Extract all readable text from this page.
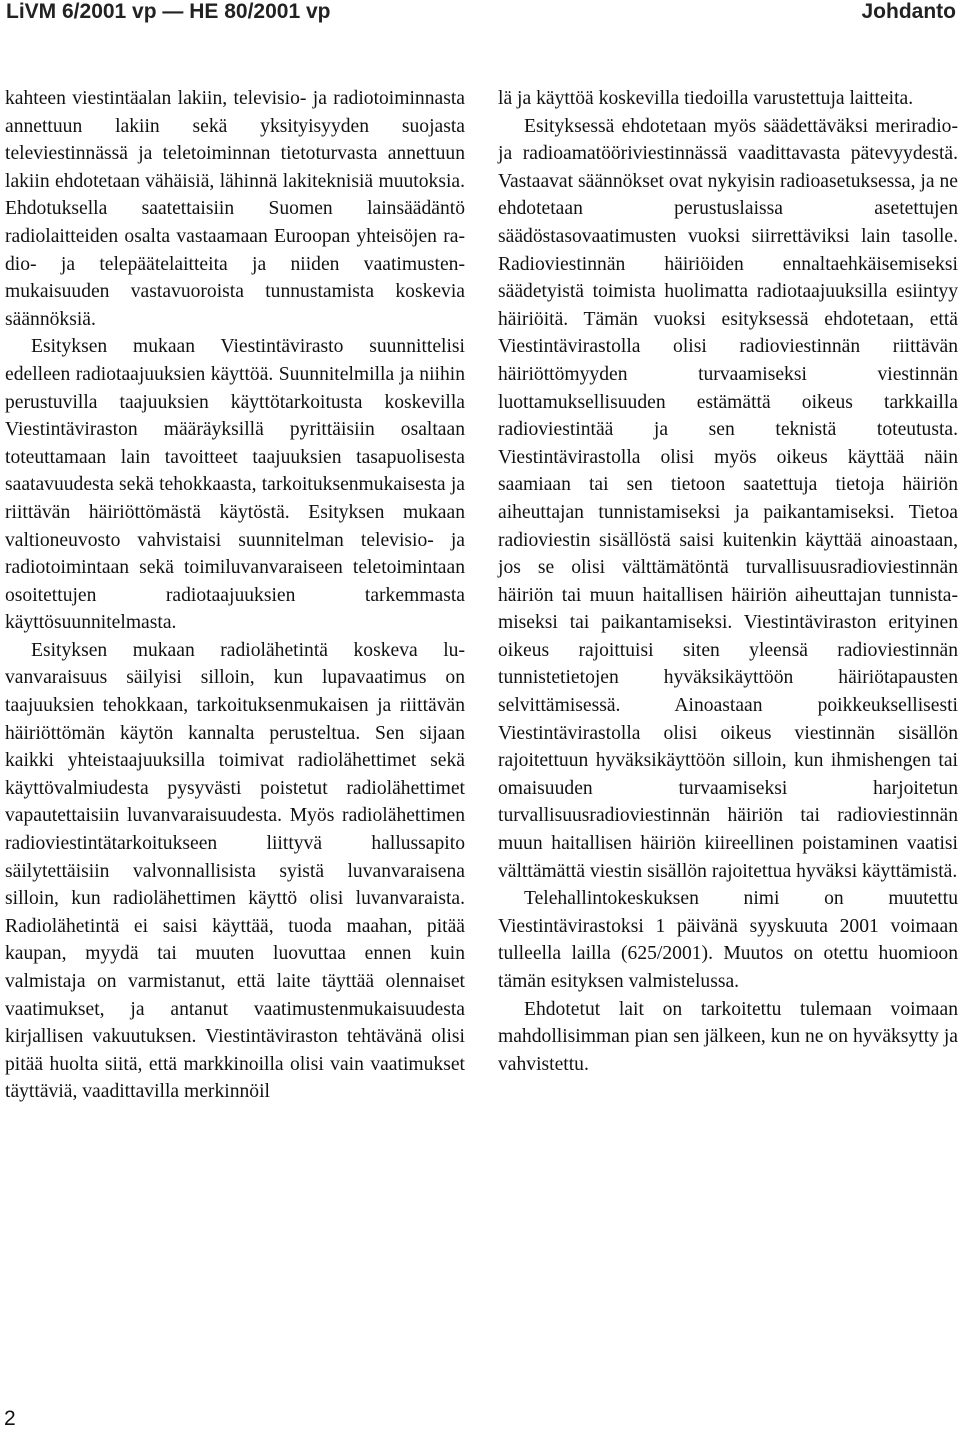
LiVM 6/2001 vp — HE 80/2001 vp	Johdanto

kahteen viestintäalan lakiin, televisio- ja radiotoiminnasta annettuun lakiin sekä yksityisyyden suojasta televiestinnässä ja teletoiminnan tietoturvasta annettuun lakiin ehdotetaan vähäisiä, lähinnä lakiteknisiä muutoksia. Ehdotuksella saatettaisiin Suomen lainsäädäntö radiolaitteiden osalta vastaamaan Euroopan yhteisöjen radio- ja telepäätelaitteita ja niiden vaatimustenmukaisuuden vastavuoroista tunnustamista koskevia säännöksiä.

Esityksen mukaan Viestintävirasto suunnittelisi edelleen radiotaajuuksien käyttöä. Suunnitelmilla ja niihin perustuvilla taajuuksien käyttötarkoitusta koskevilla Viestintäviraston määräyksillä pyrittäisiin osaltaan toteuttamaan lain tavoitteet taajuuksien tasapuolisesta saatavuudesta sekä tehokkaasta, tarkoituksenmukaisesta ja riittävän häiriöttömästä käytöstä. Esityksen mukaan valtioneuvosto vahvistaisi suunnitelman televisio- ja radiotoimintaan sekä toimiluvanvaraiseen teletoimintaan osoitettujen radiotaajuuksien tarkemmasta käyttösuunnitelmasta.

Esityksen mukaan radiolähetintä koskeva luvanvaraisuus säilyisi silloin, kun lupavaatimus on taajuuksien tehokkaan, tarkoituksenmukaisen ja riittävän häiriöttömän käytön kannalta perusteltua. Sen sijaan kaikki yhteistaajuuksilla toimivat radiolähettimet sekä käyttövalmiudesta pysyvästi poistetut radiolähettimet vapautettaisiin luvanvaraisuudesta. Myös radiolähettimen radioviestintätarkoitukseen liittyvä hallussapito säilytettäisiin valvonnallisista syistä luvanvaraisena silloin, kun radiolähettimen käyttö olisi luvanvaraista. Radiolähetintä ei saisi käyttää, tuoda maahan, pitää kaupan, myydä tai muuten luovuttaa ennen kuin valmistaja on varmistanut, että laite täyttää olennaiset vaatimukset, ja antanut vaatimustenmukaisuudesta kirjallisen vakuutuksen. Viestintäviraston tehtävänä olisi pitää huolta siitä, että markkinoilla olisi vain vaatimukset täyttäviä, vaadittavilla merkinnöil

lä ja käyttöä koskevilla tiedoilla varustettuja laitteita.

Esityksessä ehdotetaan myös säädettäväksi meriradio- ja radioamatööriviestinnässä vaadittavasta pätevyydestä. Vastaavat säännökset ovat nykyisin radioasetuksessa, ja ne ehdotetaan perustuslaissa asetettujen säädöstasovaatimusten vuoksi siirrettäviksi lain tasolle. Radioviestinnän häiriöiden ennaltaehkäisemiseksi säädetyistä toimista huolimatta radiotaajuuksilla esiintyy häiriöitä. Tämän vuoksi esityksessä ehdotetaan, että Viestintävirastolla olisi radioviestinnän riittävän häiriöttömyyden turvaamiseksi viestinnän luottamuksellisuuden estämättä oikeus tarkkailla radioviestintää ja sen teknistä toteutusta. Viestintävirastolla olisi myös oikeus käyttää näin saamiaan tai sen tietoon saatettuja tietoja häiriön aiheuttajan tunnistamiseksi ja paikantamiseksi. Tietoa radioviestin sisällöstä saisi kuitenkin käyttää ainoastaan, jos se olisi välttämätöntä turvallisuusradioviestinnän häiriön tai muun haitallisen häiriön aiheuttajan tunnistamiseksi tai paikantamiseksi. Viestintäviraston erityinen oikeus rajoittuisi siten yleensä radioviestinnän tunnistetietojen hyväksikäyttöön häiriötapausten selvittämisessä. Ainoastaan poikkeuksellisesti Viestintävirastolla olisi oikeus viestinnän sisällön rajoitettuun hyväksikäyttöön silloin, kun ihmishengen tai omaisuuden turvaamiseksi harjoitetun turvallisuusradioviestinnän häiriön tai radioviestinnän muun haitallisen häiriön kiireellinen poistaminen vaatisi välttämättä viestin sisällön rajoitettua hyväksi käyttämistä.

Telehallintokeskuksen nimi on muutettu Viestintävirastoksi 1 päivänä syyskuuta 2001 voimaan tulleella lailla (625/2001). Muutos on otettu huomioon tämän esityksen valmistelussa.

Ehdotetut lait on tarkoitettu tulemaan voimaan mahdollisimman pian sen jälkeen, kun ne on hyväksytty ja vahvistettu.

2
